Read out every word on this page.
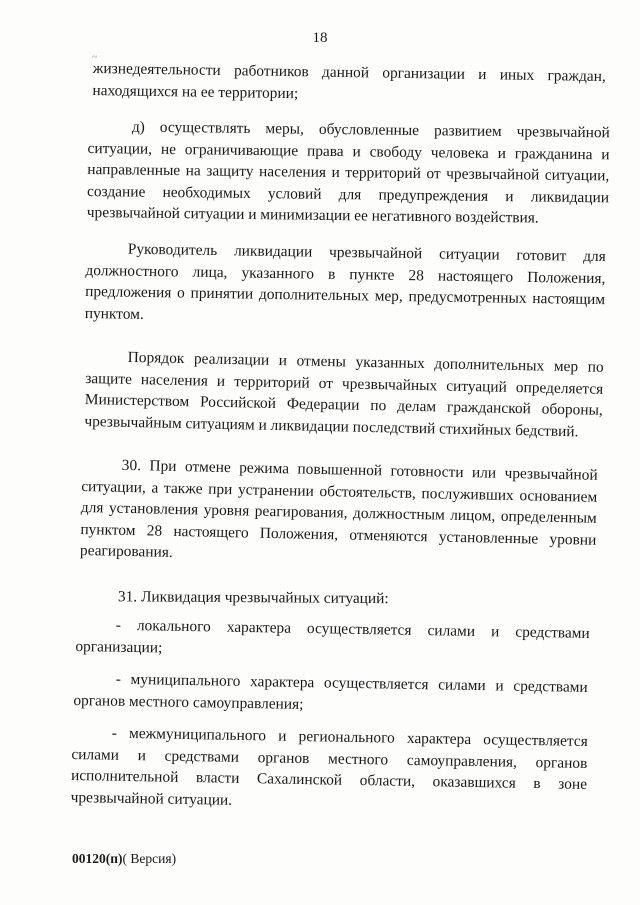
18
~

жизнедеятельности работников данной организации и иных граждан, находящихся на ее территории;

д) осуществлять меры, обусловленные развитием чрезвычайной ситуации, не ограничивающие права и свободу человека и гражданина и направленные на защиту населения и территорий от чрезвычайной ситуации, создание необходимых условий для предупреждения и ликвидации чрезвычайной ситуации и минимизации ее негативного воздействия.

Руководитель ликвидации чрезвычайной ситуации готовит для должностного лица, указанного в пункте 28 настоящего Положения, предложения о принятии дополнительных мер, предусмотренных настоящим пунктом.

Порядок реализации и отмены указанных дополнительных мер по защите населения и территорий от чрезвычайных ситуаций определяется Министерством Российской Федерации по делам гражданской обороны, чрезвычайным ситуациям и ликвидации последствий стихийных бедствий.

30. При отмене режима повышенной готовности или чрезвычайной ситуации, а также при устранении обстоятельств, послуживших основанием для установления уровня реагирования, должностным лицом, определенным пунктом 28 настоящего Положения, отменяются установленные уровни реагирования.

31. Ликвидация чрезвычайных ситуаций:

- локального характера осуществляется силами и средствами организации;

- муниципального характера осуществляется силами и средствами органов местного самоуправления;

- межмуниципального и регионального характера осуществляется силами и средствами органов местного самоуправления, органов исполнительной власти Сахалинской области, оказавшихся в зоне чрезвычайной ситуации.

00120(п)( Версия)
